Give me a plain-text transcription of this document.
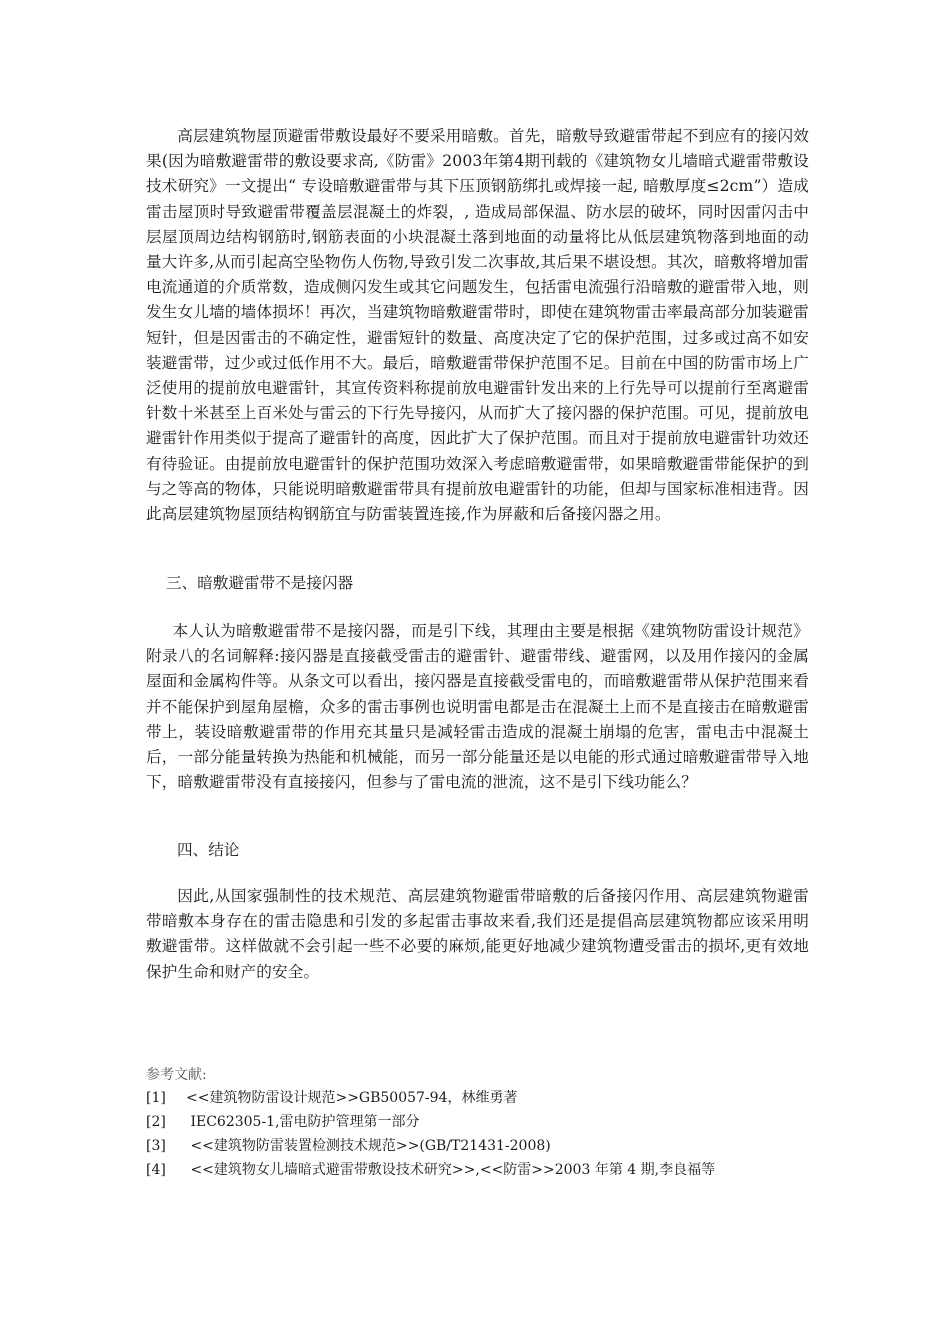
高层建筑物屋顶避雷带敷设最好不要采用暗敷。首先，暗敷导致避雷带起不到应有的接闪效果(因为暗敷避雷带的敷设要求高,《防雷》2003年第4期刊载的《建筑物女儿墙暗式避雷带敷设技术研究》一文提出“ 专设暗敷避雷带与其下压顶钢筋绑扎或焊接一起, 暗敷厚度≤2cm”）造成雷击屋顶时导致避雷带覆盖层混凝土的炸裂，, 造成局部保温、防水层的破坏，同时因雷闪击中层屋顶周边结构钢筋时,钢筋表面的小块混凝土落到地面的动量将比从低层建筑物落到地面的动量大许多,从而引起高空坠物伤人伤物,导致引发二次事故,其后果不堪设想。其次，暗敷将增加雷电流通道的介质常数，造成侧闪发生或其它问题发生，包括雷电流强行沿暗敷的避雷带入地，则发生女儿墙的墙体损坏！再次，当建筑物暗敷避雷带时，即使在建筑物雷击率最高部分加装避雷短针，但是因雷击的不确定性，避雷短针的数量、高度决定了它的保护范围，过多或过高不如安装避雷带，过少或过低作用不大。最后，暗敷避雷带保护范围不足。目前在中国的防雷市场上广泛使用的提前放电避雷针，其宣传资料称提前放电避雷针发出来的上行先导可以提前行至离避雷针数十米甚至上百米处与雷云的下行先导接闪，从而扩大了接闪器的保护范围。可见，提前放电避雷针作用类似于提高了避雷针的高度，因此扩大了保护范围。而且对于提前放电避雷针功效还有待验证。由提前放电避雷针的保护范围功效深入考虑暗敷避雷带，如果暗敷避雷带能保护的到与之等高的物体，只能说明暗敷避雷带具有提前放电避雷针的功能，但却与国家标准相违背。因此高层建筑物屋顶结构钢筋宜与防雷装置连接,作为屏蔽和后备接闪器之用。

三、暗敷避雷带不是接闪器

本人认为暗敷避雷带不是接闪器，而是引下线，其理由主要是根据《建筑物防雷设计规范》附录八的名词解释:接闪器是直接截受雷击的避雷针、避雷带线、避雷网，以及用作接闪的金属屋面和金属构件等。从条文可以看出，接闪器是直接截受雷电的，而暗敷避雷带从保护范围来看并不能保护到屋角屋檐，众多的雷击事例也说明雷电都是击在混凝土上而不是直接击在暗敷避雷带上，装设暗敷避雷带的作用充其量只是减轻雷击造成的混凝土崩塌的危害，雷电击中混凝土后，一部分能量转换为热能和机械能，而另一部分能量还是以电能的形式通过暗敷避雷带导入地下，暗敷避雷带没有直接接闪，但参与了雷电流的泄流，这不是引下线功能么？

四、结论

因此,从国家强制性的技术规范、高层建筑物避雷带暗敷的后备接闪作用、高层建筑物避雷带暗敷本身存在的雷击隐患和引发的多起雷击事故来看,我们还是提倡高层建筑物都应该采用明敷避雷带。这样做就不会引起一些不必要的麻烦,能更好地减少建筑物遭受雷击的损坏,更有效地保护生命和财产的安全。

参考文献:

[1] <<建筑物防雷设计规范>>GB50057-94，林维勇著
[2] IEC62305-1,雷电防护管理第一部分
[3] <<建筑物防雷装置检测技术规范>>(GB/T21431-2008)
[4] <<建筑物女儿墙暗式避雷带敷设技术研究>>,<<防雷>>2003 年第 4 期,李良福等
